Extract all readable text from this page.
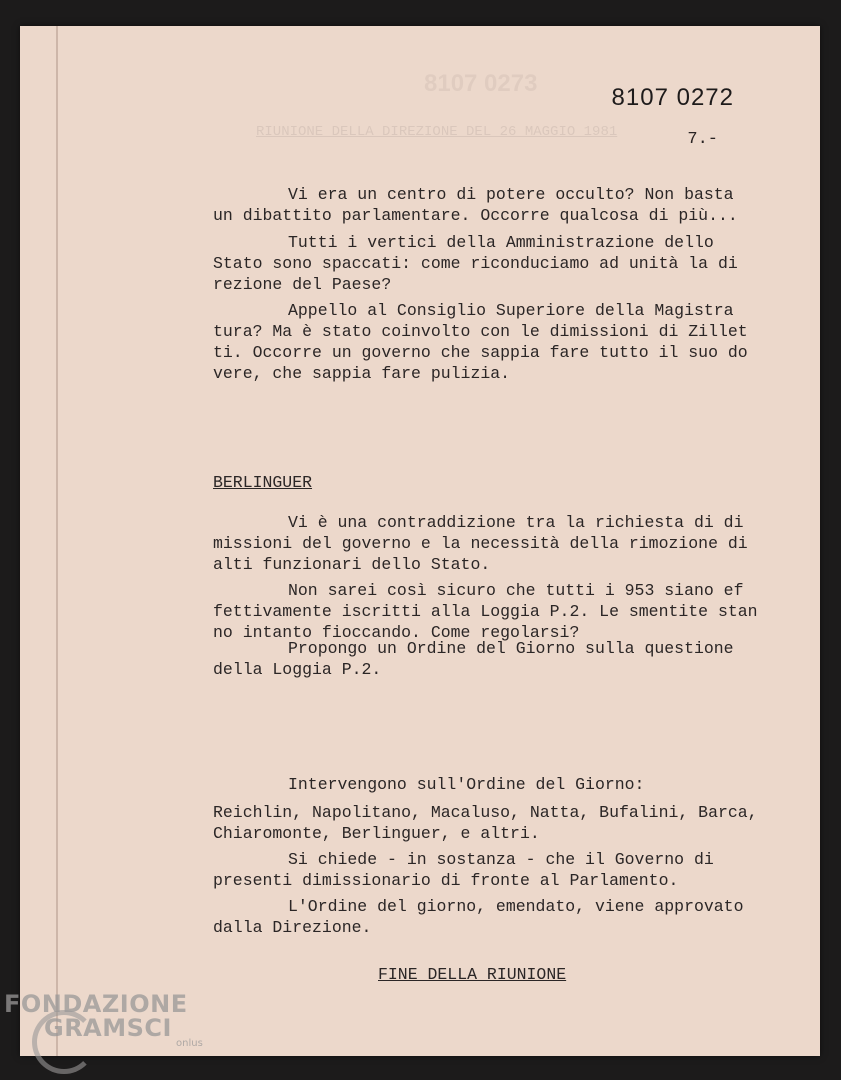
8107 0273
RIUNIONE DELLA DIREZIONE DEL 26 MAGGIO 1981
8107 0272
7.-

Vi era un centro di potere occulto? Non basta

un dibattito parlamentare. Occorre qualcosa di più...

Tutti i vertici della Amministrazione dello

Stato sono spaccati: come riconduciamo ad unità la di

rezione del Paese?

Appello al Consiglio Superiore della Magistra

tura? Ma è stato coinvolto con le dimissioni di Zillet

ti. Occorre un governo che sappia fare tutto il suo do

vere, che sappia fare pulizia.

BERLINGUER

Vi è una contraddizione tra la richiesta di di

missioni del governo e la necessità della rimozione di

alti funzionari dello Stato.

Non sarei così sicuro che tutti i 953 siano ef

fettivamente iscritti alla Loggia P.2. Le smentite stan

no intanto fioccando. Come regolarsi?

Propongo un Ordine del Giorno sulla questione

della Loggia P.2.

Intervengono sull'Ordine del Giorno:

Reichlin, Napolitano, Macaluso, Natta, Bufalini, Barca,

Chiaromonte, Berlinguer, e altri.

Si chiede - in sostanza - che il Governo di

presenti dimissionario di fronte al Parlamento.

L'Ordine del giorno, emendato, viene approvato

dalla Direzione.

FINE DELLA RIUNIONE

FONDAZIONE
GRAMSCI
onlus
